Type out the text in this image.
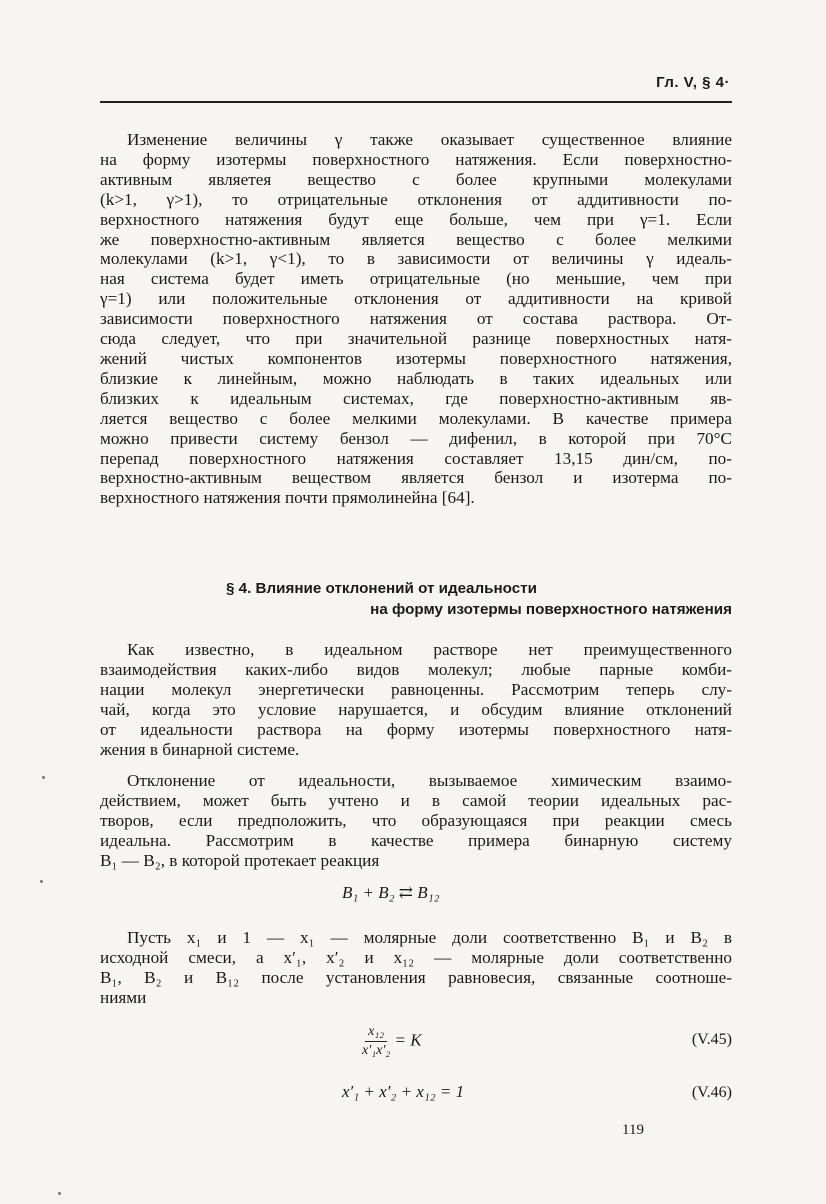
Гл. V, § 4·
Изменение величины γ также оказывает существенное влияние
на форму изотермы поверхностного натяжения. Если поверхностно-
активным являетея вещество с более крупными молекулами
(k>1, γ>1), то отрицательные отклонения от аддитивности по-
верхностного натяжения будут еще больше, чем при γ=1. Если
же поверхностно-активным является вещество с более мелкими
молекулами (k>1, γ<1), то в зависимости от величины γ идеаль-
ная система будет иметь отрицательные (но меньшие, чем при
γ=1) или положительные отклонения от аддитивности на кривой
зависимости поверхностного натяжения от состава раствора. От-
сюда следует, что при значительной разнице поверхностных натя-
жений чистых компонентов изотермы поверхностного натяжения,
близкие к линейным, можно наблюдать в таких идеальных или
близких к идеальным системах, где поверхностно-активным яв-
ляется вещество с более мелкими молекулами. В качестве примера
можно привести систему бензол — дифенил, в которой при 70°С
перепад поверхностного натяжения составляет 13,15 дин/см, по-
верхностно-активным веществом является бензол и изотерма по-
верхностного натяжения почти прямолинейна [64].
§ 4. Влияние отклонений от идеальности
на форму изотермы поверхностного натяжения
Как известно, в идеальном растворе нет преимущественного
взаимодействия каких-либо видов молекул; любые парные комби-
нации молекул энергетически равноценны. Рассмотрим теперь слу-
чай, когда это условие нарушается, и обсудим влияние отклонений
от идеальности раствора на форму изотермы поверхностного натя-
жения в бинарной системе.
Отклонение от идеальности, вызываемое химическим взаимо-
действием, может быть учтено и в самой теории идеальных рас-
творов, если предположить, что образующаяся при реакции смесь
идеальна. Рассмотрим в качестве примера бинарную систему
B₁ — B₂, в которой протекает реакция
B₁ + B₂ ⇄ B₁₂
Пусть x₁ и 1 — x₁ — молярные доли соответственно B₁ и B₂ в
исходной смеси, а x′₁, x′₂ и x₁₂ — молярные доли соответственно
B₁, B₂ и B₁₂ после установления равновесия, связанные соотноше-
ниями
$\frac{\text{x₁₂}}{\text{x′₁x′₂}} = K$	(V.45)
x′₁ + x′₂ + x₁₂ = 1	(V.46)
119
